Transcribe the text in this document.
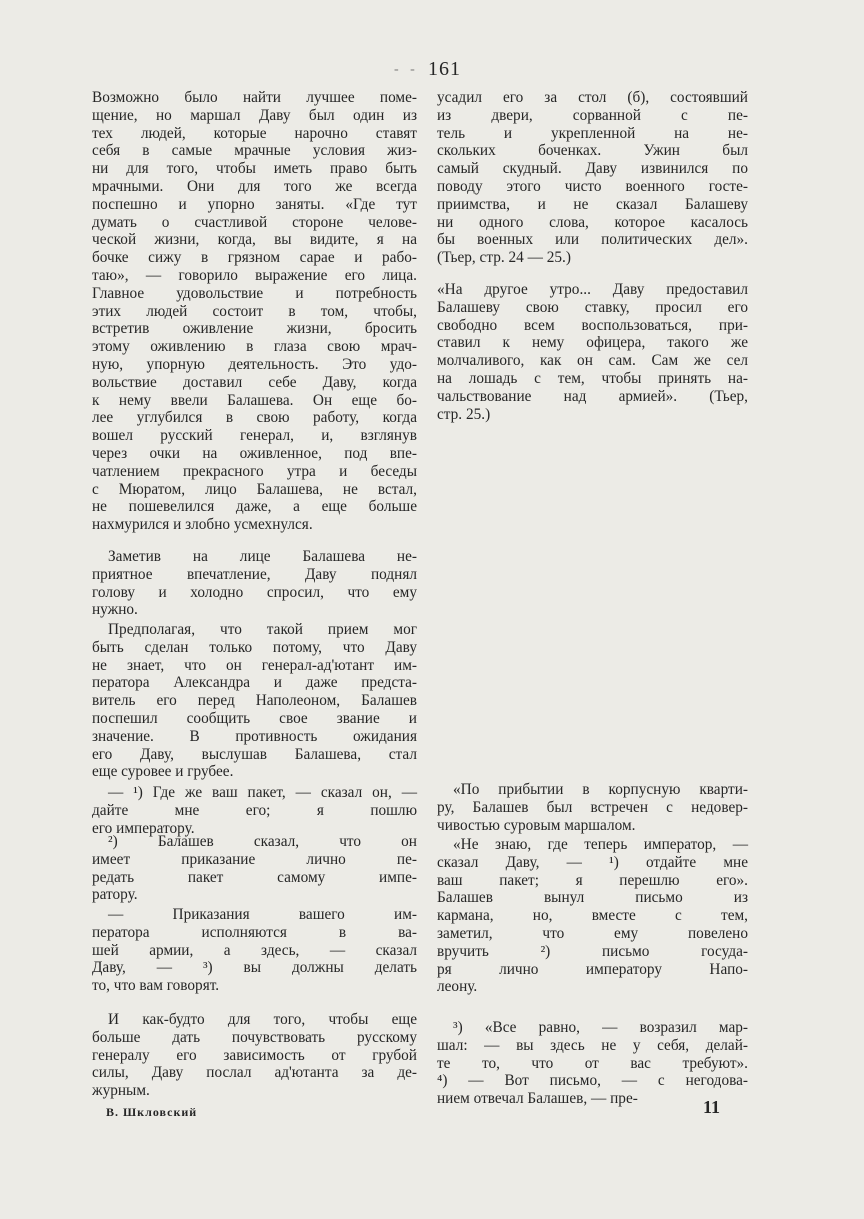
- - 161
Возможно было найти лучшее поме-
щение, но маршал Даву был один из
тех людей, которые нарочно ставят
себя в самые мрачные условия жиз-
ни для того, чтобы иметь право быть
мрачными. Они для того же всегда
поспешно и упорно заняты. «Где тут
думать о счастливой стороне челове-
ческой жизни, когда, вы видите, я на
бочке сижу в грязном сарае и рабо-
таю», — говорило выражение его лица.
Главное удовольствие и потребность
этих людей состоит в том, чтобы,
встретив оживление жизни, бросить
этому оживлению в глаза свою мрач-
ную, упорную деятельность. Это удо-
вольствие доставил себе Даву, когда
к нему ввели Балашева. Он еще бо-
лее углубился в свою работу, когда
вошел русский генерал, и, взглянув
через очки на оживленное, под впе-
чатлением прекрасного утра и беседы
с Мюратом, лицо Балашева, не встал,
не пошевелился даже, а еще больше
нахмурился и злобно усмехнулся.
Заметив на лице Балашева не-
приятное впечатление, Даву поднял
голову и холодно спросил, что ему
нужно.
Предполагая, что такой прием мог
быть сделан только потому, что Даву
не знает, что он генерал-ад'ютант им-
ператора Александра и даже предста-
витель его перед Наполеоном, Балашев
поспешил сообщить свое звание и
значение. В противность ожидания
его Даву, выслушав Балашева, стал
еще суровее и грубее.
— ¹) Где же ваш пакет, — сказал он, —
дайте мне его; я пошлю
его императору.
²) Балашев сказал, что он
имеет приказание лично пе-
редать пакет самому импе-
ратору.
— Приказания вашего им-
ператора исполняются в ва-
шей армии, а здесь, — сказал
Даву, — ³) вы должны делать
то, что вам говорят.
И как-будто для того, чтобы еще
больше дать почувствовать русскому
генералу его зависимость от грубой
силы, Даву послал ад'ютанта за де-
журным.
усадил его за стол (б), состоявший
из двери, сорванной с пе-
тель и укрепленной на не-
скольких боченках. Ужин был
самый скудный. Даву извинился по
поводу этого чисто военного госте-
приимства, и не сказал Балашеву
ни одного слова, которое касалось
бы военных или политических дел».
(Тьер, стр. 24 — 25.)
«На другое утро... Даву предоставил
Балашеву свою ставку, просил его
свободно всем воспользоваться, при-
ставил к нему офицера, такого же
молчаливого, как он сам. Сам же сел
на лошадь с тем, чтобы принять на-
чальствование над армией». (Тьер,
стр. 25.)
«По прибытии в корпусную кварти-
ру, Балашев был встречен с недовер-
чивостью суровым маршалом.
«Не знаю, где теперь император, —
сказал Даву, — ¹) отдайте мне
ваш пакет; я перешлю его».
Балашев вынул письмо из
кармана, но, вместе с тем,
заметил, что ему повелено
вручить ²) письмо госуда-
ря лично императору Напо-
леону.
³) «Все равно, — возразил мар-
шал: — вы здесь не у себя, делай-
те то, что от вас требуют».
⁴) — Вот письмо, — с негодова-
нием отвечал Балашев, — пре-
В. Шкловский	11
